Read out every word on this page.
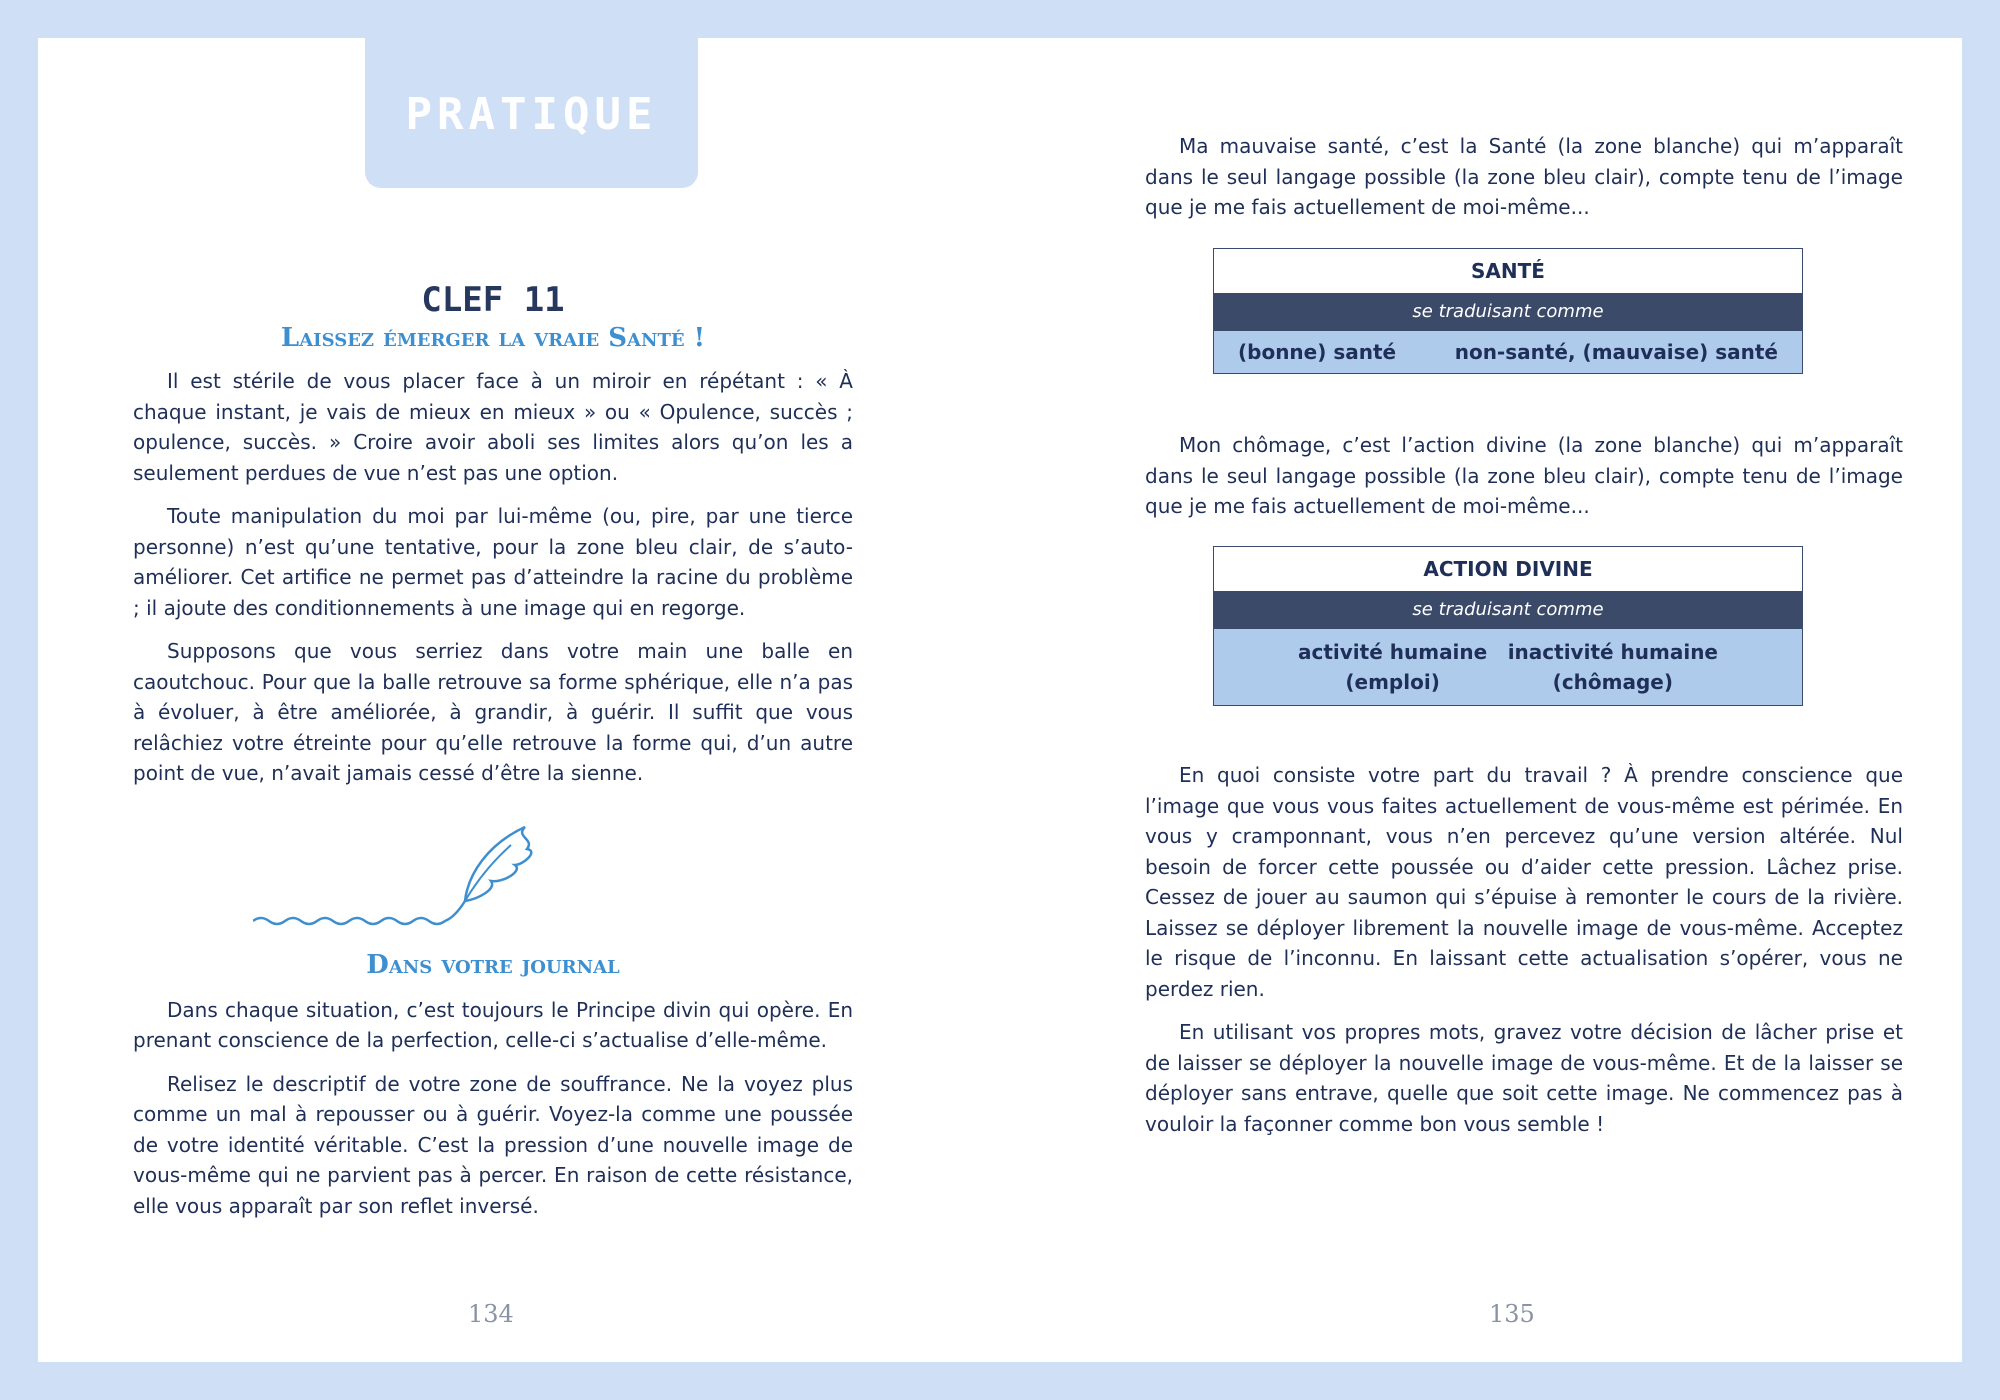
PRATIQUE
CLEF 11
Laissez émerger la vraie Santé !

Il est stérile de vous placer face à un miroir en répétant : « À chaque instant, je vais de mieux en mieux » ou « Opulence, succès ; opulence, succès. » Croire avoir aboli ses limites alors qu’on les a seulement perdues de vue n’est pas une option.

Toute manipulation du moi par lui-même (ou, pire, par une tierce personne) n’est qu’une tentative, pour la zone bleu clair, de s’auto-améliorer. Cet artifice ne permet pas d’atteindre la racine du problème ; il ajoute des conditionnements à une image qui en regorge.

Supposons que vous serriez dans votre main une balle en caoutchouc. Pour que la balle retrouve sa forme sphérique, elle n’a pas à évoluer, à être améliorée, à grandir, à guérir. Il suffit que vous relâchiez votre étreinte pour qu’elle retrouve la forme qui, d’un autre point de vue, n’avait jamais cessé d’être la sienne.

Dans votre journal

Dans chaque situation, c’est toujours le Principe divin qui opère. En prenant conscience de la perfection, celle-ci s’actualise d’elle-même.

Relisez le descriptif de votre zone de souffrance. Ne la voyez plus comme un mal à repousser ou à guérir. Voyez-la comme une poussée de votre identité véritable. C’est la pression d’une nouvelle image de vous-même qui ne parvient pas à percer. En raison de cette résistance, elle vous apparaît par son reflet inversé.

134

Ma mauvaise santé, c’est la Santé (la zone blanche) qui m’apparaît dans le seul langage possible (la zone bleu clair), compte tenu de l’image que je me fais actuellement de moi-même...

SANTÉ
se traduisant comme
(bonne) santé	non-santé, (mauvaise) santé

Mon chômage, c’est l’action divine (la zone blanche) qui m’apparaît dans le seul langage possible (la zone bleu clair), compte tenu de l’image que je me fais actuellement de moi-même...

ACTION DIVINE
se traduisant comme
activité humaine
(emploi)
inactivité humaine
(chômage)

En quoi consiste votre part du travail ? À prendre conscience que l’image que vous vous faites actuellement de vous-même est périmée. En vous y cramponnant, vous n’en percevez qu’une version altérée. Nul besoin de forcer cette poussée ou d’aider cette pression. Lâchez prise. Cessez de jouer au saumon qui s’épuise à remonter le cours de la rivière. Laissez se déployer librement la nouvelle image de vous-même. Acceptez le risque de l’inconnu. En laissant cette actualisation s’opérer, vous ne perdez rien.

En utilisant vos propres mots, gravez votre décision de lâcher prise et de laisser se déployer la nouvelle image de vous-même. Et de la laisser se déployer sans entrave, quelle que soit cette image. Ne commencez pas à vouloir la façonner comme bon vous semble !

135
